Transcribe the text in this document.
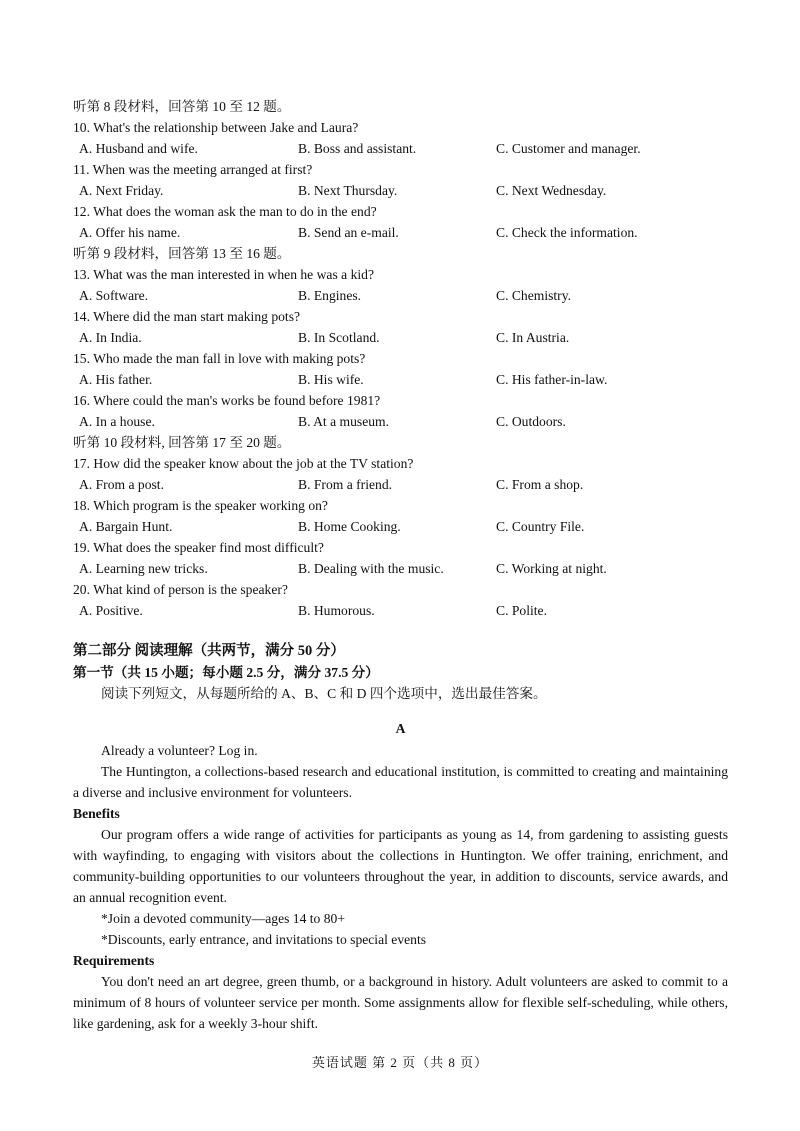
听第 8 段材料，回答第 10 至 12 题。
10. What's the relationship between Jake and Laura?
A. Husband and wife.	B. Boss and assistant.	C. Customer and manager.
11. When was the meeting arranged at first?
A. Next Friday.	B. Next Thursday.	C. Next Wednesday.
12. What does the woman ask the man to do in the end?
A. Offer his name.	B. Send an e-mail.	C. Check the information.
听第 9 段材料，回答第 13 至 16 题。
13. What was the man interested in when he was a kid?
A. Software.	B. Engines.	C. Chemistry.
14. Where did the man start making pots?
A. In India.	B. In Scotland.	C. In Austria.
15. Who made the man fall in love with making pots?
A. His father.	B. His wife.	C. His father-in-law.
16. Where could the man's works be found before 1981?
A. In a house.	B. At a museum.	C. Outdoors.
听第 10 段材料, 回答第 17 至 20 题。
17. How did the speaker know about the job at the TV station?
A. From a post.	B. From a friend.	C. From a shop.
18. Which program is the speaker working on?
A. Bargain Hunt.	B. Home Cooking.	C. Country File.
19. What does the speaker find most difficult?
A. Learning new tricks.	B. Dealing with the music.	C. Working at night.
20. What kind of person is the speaker?
A. Positive.	B. Humorous.	C. Polite.
第二部分 阅读理解（共两节，满分 50 分）
第一节（共 15 小题；每小题 2.5 分，满分 37.5 分）
阅读下列短文，从每题所给的 A、B、C 和 D 四个选项中，选出最佳答案。
A
Already a volunteer? Log in.
The Huntington, a collections-based research and educational institution, is committed to creating and maintaining a diverse and inclusive environment for volunteers.
Benefits
Our program offers a wide range of activities for participants as young as 14, from gardening to assisting guests with wayfinding, to engaging with visitors about the collections in Huntington. We offer training, enrichment, and community-building opportunities to our volunteers throughout the year, in addition to discounts, service awards, and an annual recognition event.
*Join a devoted community—ages 14 to 80+
*Discounts, early entrance, and invitations to special events
Requirements
You don't need an art degree, green thumb, or a background in history. Adult volunteers are asked to commit to a minimum of 8 hours of volunteer service per month. Some assignments allow for flexible self-scheduling, while others, like gardening, ask for a weekly 3-hour shift.
英语试题 第 2 页（共 8 页）
